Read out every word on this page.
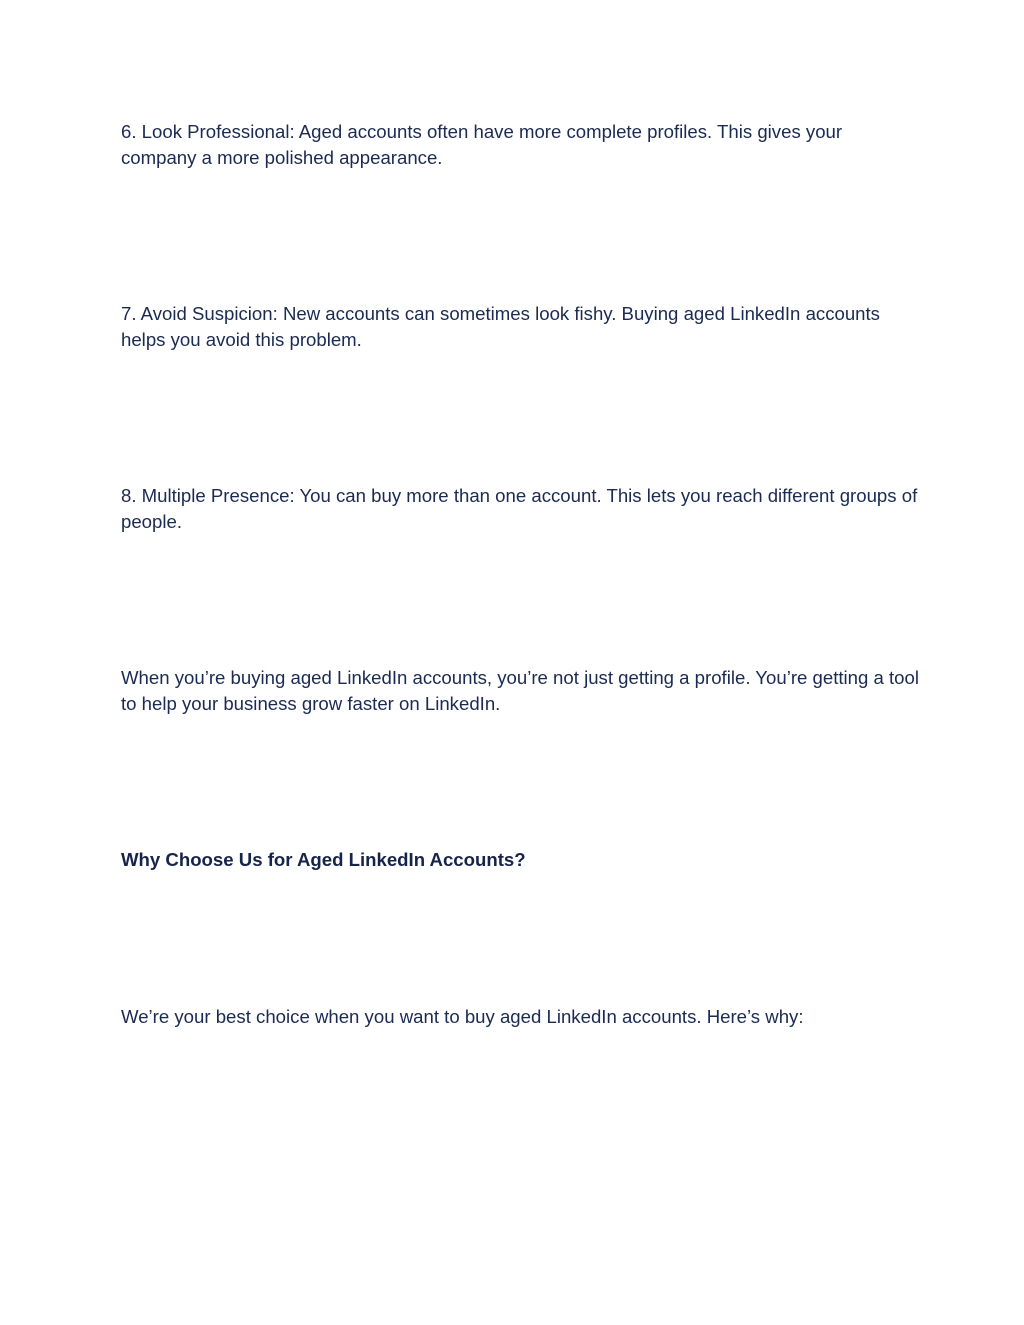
6. Look Professional: Aged accounts often have more complete profiles. This gives your company a more polished appearance.

7. Avoid Suspicion: New accounts can sometimes look fishy. Buying aged LinkedIn accounts helps you avoid this problem.

8. Multiple Presence: You can buy more than one account. This lets you reach different groups of people.

When you’re buying aged LinkedIn accounts, you’re not just getting a profile. You’re getting a tool to help your business grow faster on LinkedIn.

Why Choose Us for Aged LinkedIn Accounts?

We’re your best choice when you want to buy aged LinkedIn accounts. Here’s why:
